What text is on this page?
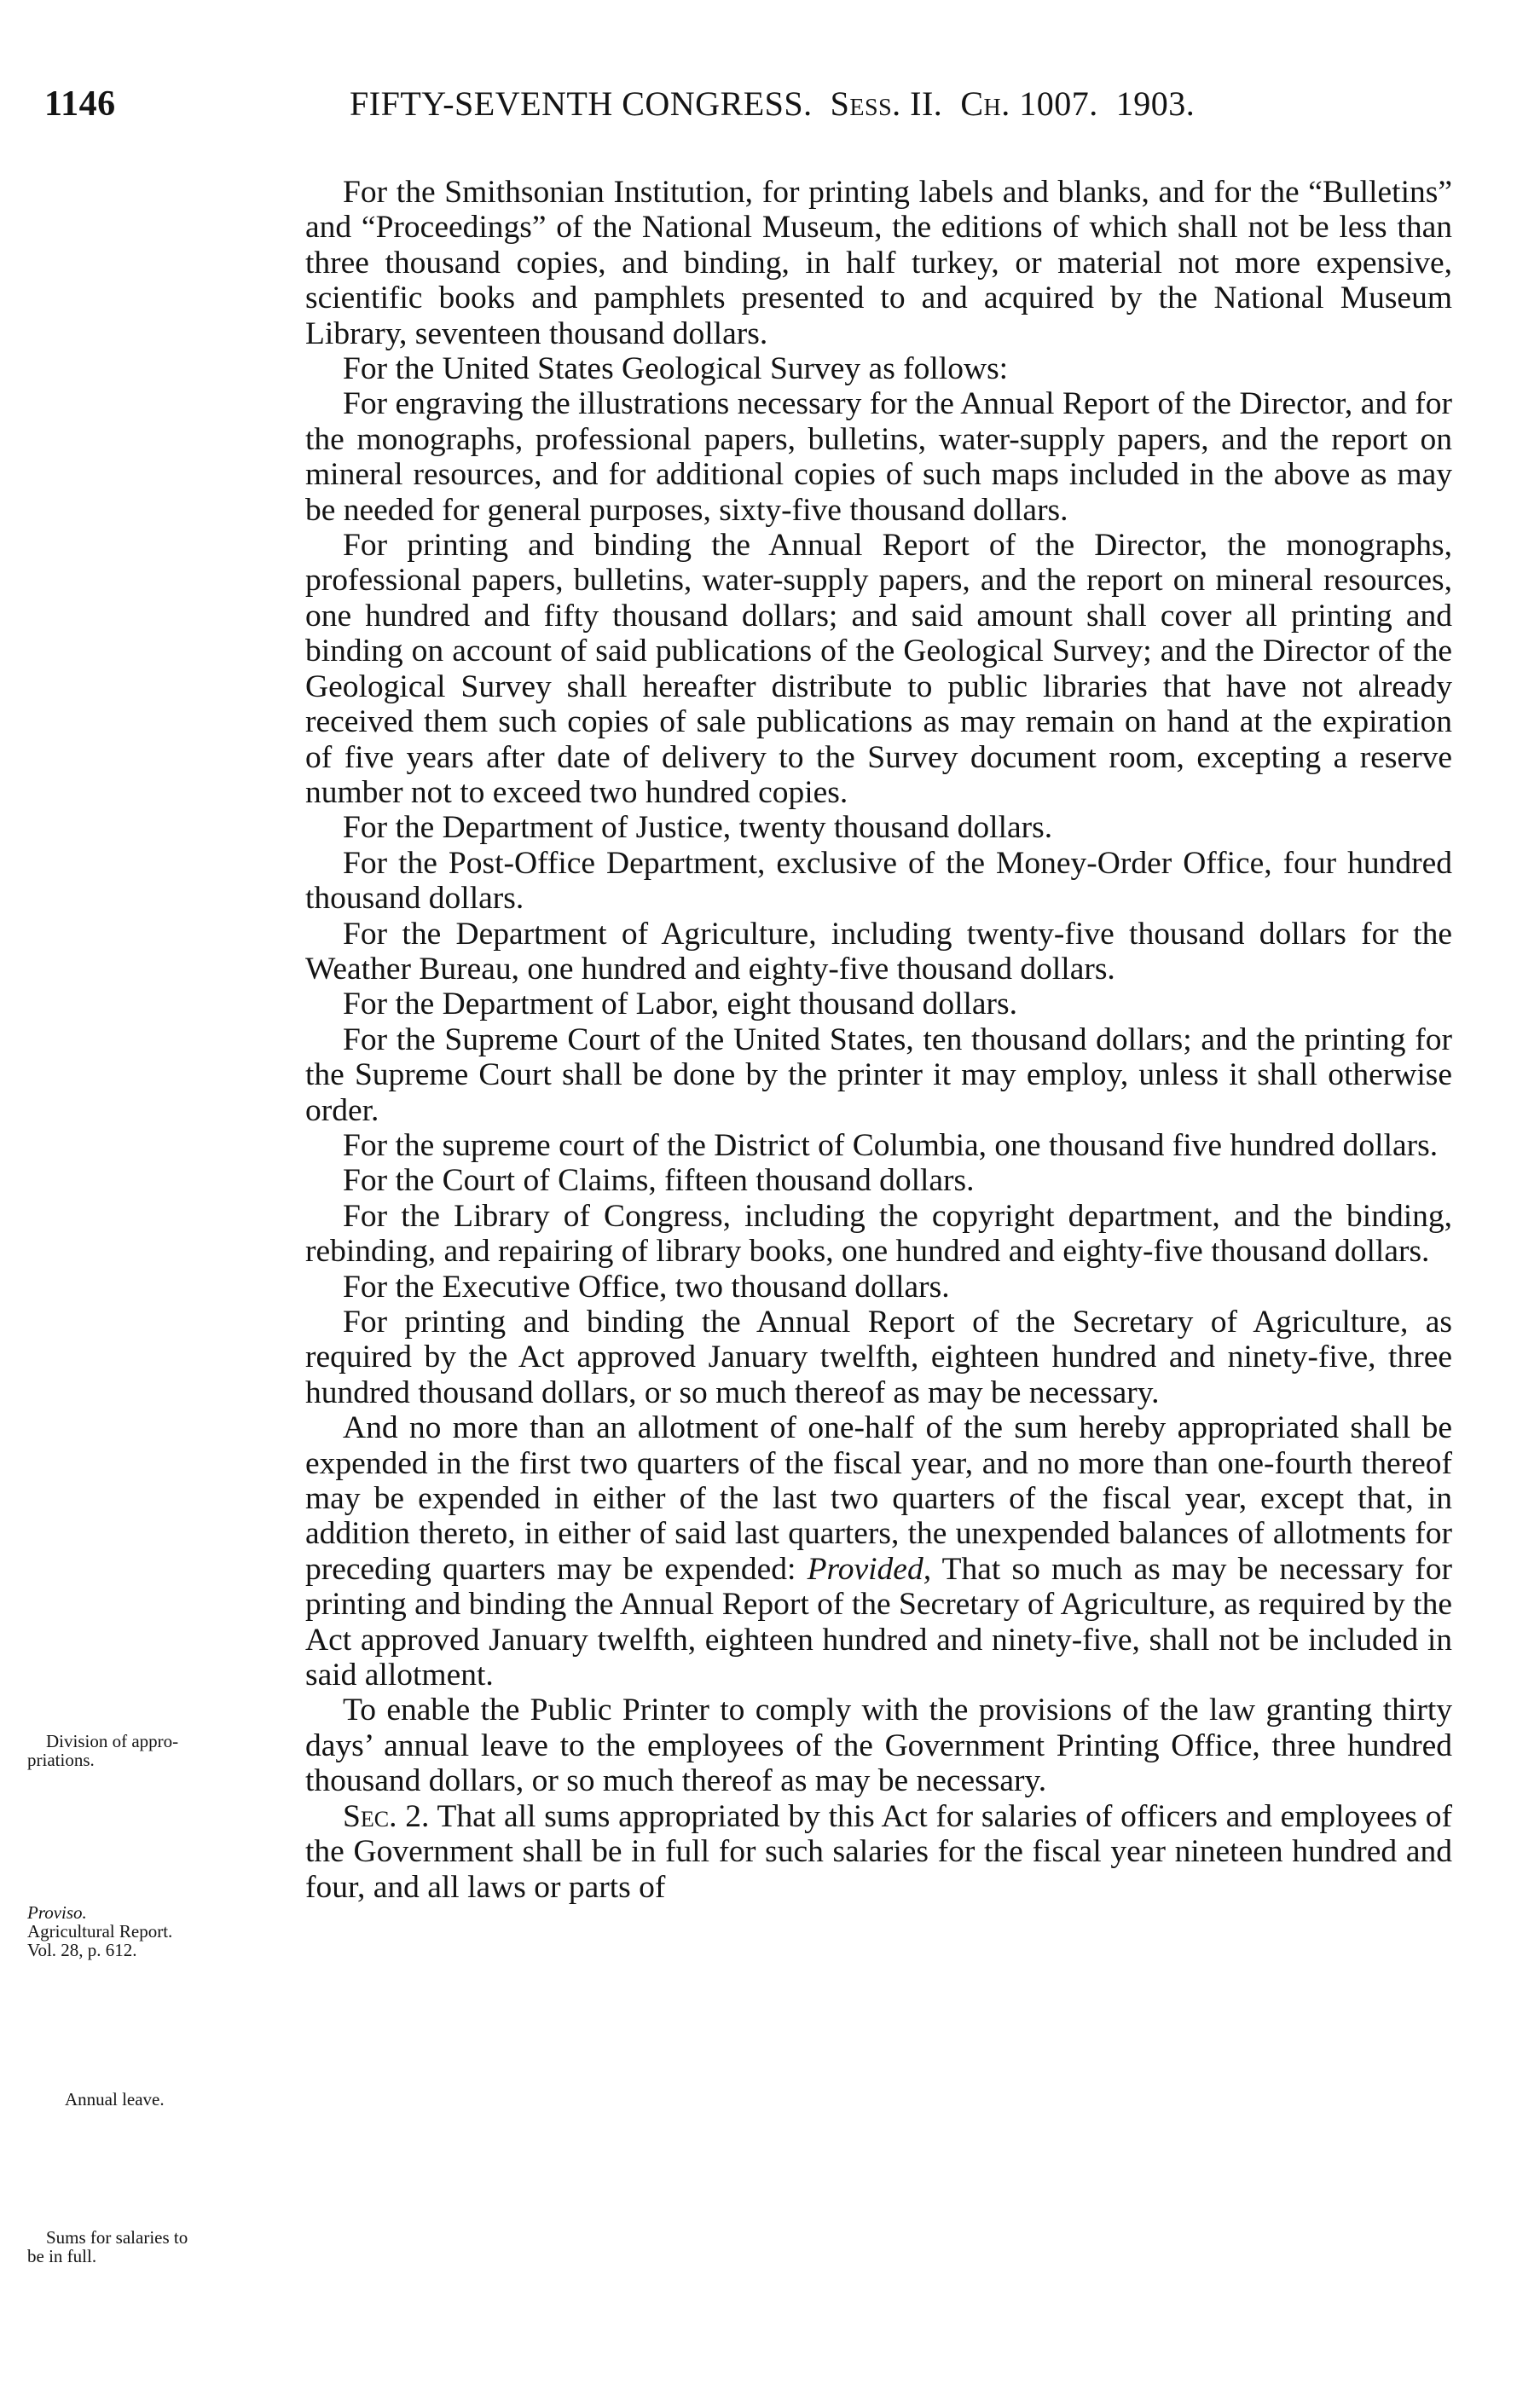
1146	FIFTY-SEVENTH CONGRESS. Sess. II. Ch. 1007. 1903.

For the Smithsonian Institution, for printing labels and blanks, and for the “Bulletins” and “Proceedings” of the National Museum, the editions of which shall not be less than three thousand copies, and binding, in half turkey, or material not more expensive, scientific books and pamphlets presented to and acquired by the National Museum Library, seventeen thousand dollars.

For the United States Geological Survey as follows:

For engraving the illustrations necessary for the Annual Report of the Director, and for the monographs, professional papers, bulletins, water-supply papers, and the report on mineral resources, and for additional copies of such maps included in the above as may be needed for general purposes, sixty-five thousand dollars.

For printing and binding the Annual Report of the Director, the monographs, professional papers, bulletins, water-supply papers, and the report on mineral resources, one hundred and fifty thousand dollars; and said amount shall cover all printing and binding on account of said publications of the Geological Survey; and the Director of the Geological Survey shall hereafter distribute to public libraries that have not already received them such copies of sale publications as may remain on hand at the expiration of five years after date of delivery to the Survey document room, excepting a reserve number not to exceed two hundred copies.

For the Department of Justice, twenty thousand dollars.

For the Post-Office Department, exclusive of the Money-Order Office, four hundred thousand dollars.

For the Department of Agriculture, including twenty-five thousand dollars for the Weather Bureau, one hundred and eighty-five thousand dollars.

For the Department of Labor, eight thousand dollars.

For the Supreme Court of the United States, ten thousand dollars; and the printing for the Supreme Court shall be done by the printer it may employ, unless it shall otherwise order.

For the supreme court of the District of Columbia, one thousand five hundred dollars.

For the Court of Claims, fifteen thousand dollars.

For the Library of Congress, including the copyright department, and the binding, rebinding, and repairing of library books, one hundred and eighty-five thousand dollars.

For the Executive Office, two thousand dollars.

For printing and binding the Annual Report of the Secretary of Agriculture, as required by the Act approved January twelfth, eighteen hundred and ninety-five, three hundred thousand dollars, or so much thereof as may be necessary.

And no more than an allotment of one-half of the sum hereby appropriated shall be expended in the first two quarters of the fiscal year, and no more than one-fourth thereof may be expended in either of the last two quarters of the fiscal year, except that, in addition thereto, in either of said last quarters, the unexpended balances of allotments for preceding quarters may be expended: Provided, That so much as may be necessary for printing and binding the Annual Report of the Secretary of Agriculture, as required by the Act approved January twelfth, eighteen hundred and ninety-five, shall not be included in said allotment.

To enable the Public Printer to comply with the provisions of the law granting thirty days’ annual leave to the employees of the Government Printing Office, three hundred thousand dollars, or so much thereof as may be necessary.

Sec. 2. That all sums appropriated by this Act for salaries of officers and employees of the Government shall be in full for such salaries for the fiscal year nineteen hundred and four, and all laws or parts of

Division of appro-
priations.
Proviso.
Agricultural Report.
Vol. 28, p. 612.
Annual leave.
Sums for salaries to
be in full.
